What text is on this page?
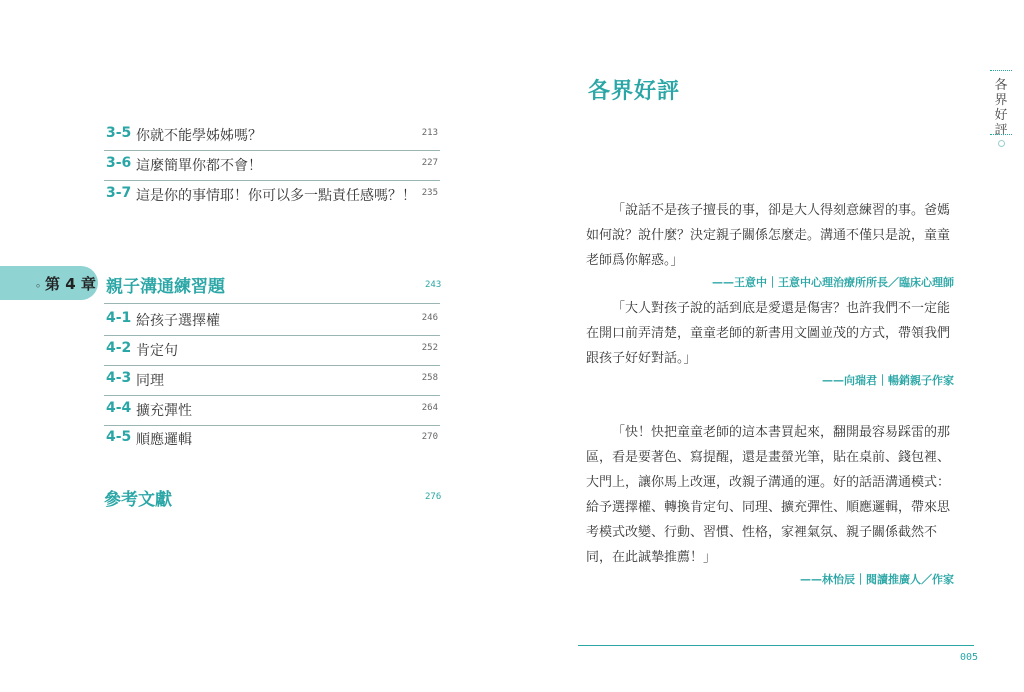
3-5 你就不能學姊姊嗎？	213
3-6 這麼簡單你都不會！	227
3-7 這是你的事情耶！你可以多一點責任感嗎？！ 235
。
第 4 章 親子溝通練習題	243
4-1 給孩子選擇權	246
4-2 肯定句	252
4-3 同理	258
4-4 擴充彈性	264
4-5 順應邏輯	270
參考文獻	276
各界好評

「說話不是孩子擅長的事，卻是大人得刻意練習的事。爸媽如何說？說什麼？決定親子關係怎麼走。溝通不僅只是說，童童老師爲你解惑。」

——王意中｜王意中心理治療所所長／臨床心理師

「大人對孩子說的話到底是愛還是傷害？也許我們不一定能在開口前弄清楚，童童老師的新書用文圖並茂的方式，帶領我們跟孩子好好對話。」

——向瑞君｜暢銷親子作家

「快！快把童童老師的這本書買起來，翻開最容易踩雷的那區，看是要著色、寫提醒，還是畫螢光筆，貼在桌前、錢包裡、大門上，讓你馬上改運，改親子溝通的運。好的話語溝通模式：給予選擇權、轉換肯定句、同理、擴充彈性、順應邏輯，帶來思考模式改變、行動、習慣、性格，家裡氣氛、親子關係截然不同，在此誠摯推薦！」

——林怡辰｜閱讀推廣人／作家
各界好評
005
